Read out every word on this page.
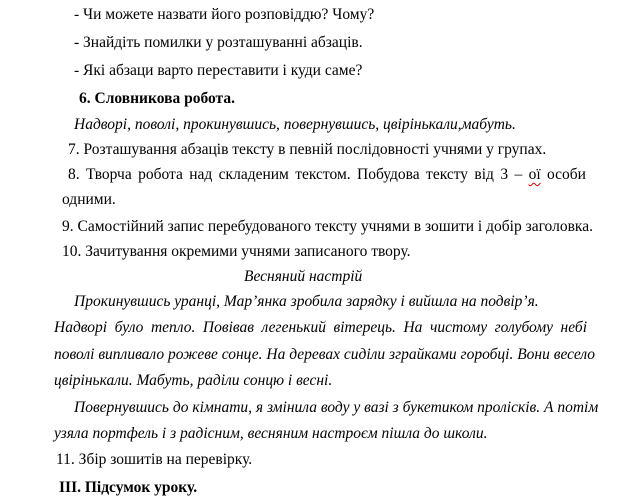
- Чи можете назвати його розповіддю? Чому?
- Знайдіть помилки у розташуванні абзаців.
- Які абзаци варто переставити і куди саме?
6. Словникова робота.
Надворі, поволі, прокинувшись, повернувшись, цвірінькали,мабуть.
7. Розташування абзаців тексту в певній послідовності учнями у групах.
8. Творча робота над складеним текстом. Побудова тексту від 3 – ої особи
одними.
9. Самостійний запис перебудованого тексту учнями в зошити і добір заголовка.
10. Зачитування окремими учнями записаного твору.
Весняний настрій
Прокинувшись уранці, Мар’янка зробила зарядку і вийшла на подвір’я.
Надворі було тепло. Повівав легенький вітерець. На чистому голубому небі
поволі випливало рожеве сонце. На деревах сиділи зграйками горобці. Вони весело
цвірінькали. Мабуть, раділи сонцю і весні.
Повернувшись до кімнати, я змінила воду у вазі з букетиком пролісків. А потім
узяла портфель і з радісним, весняним настроєм пішла до школи.
11. Збір зошитів на перевірку.
ІІІ. Підсумок уроку.
